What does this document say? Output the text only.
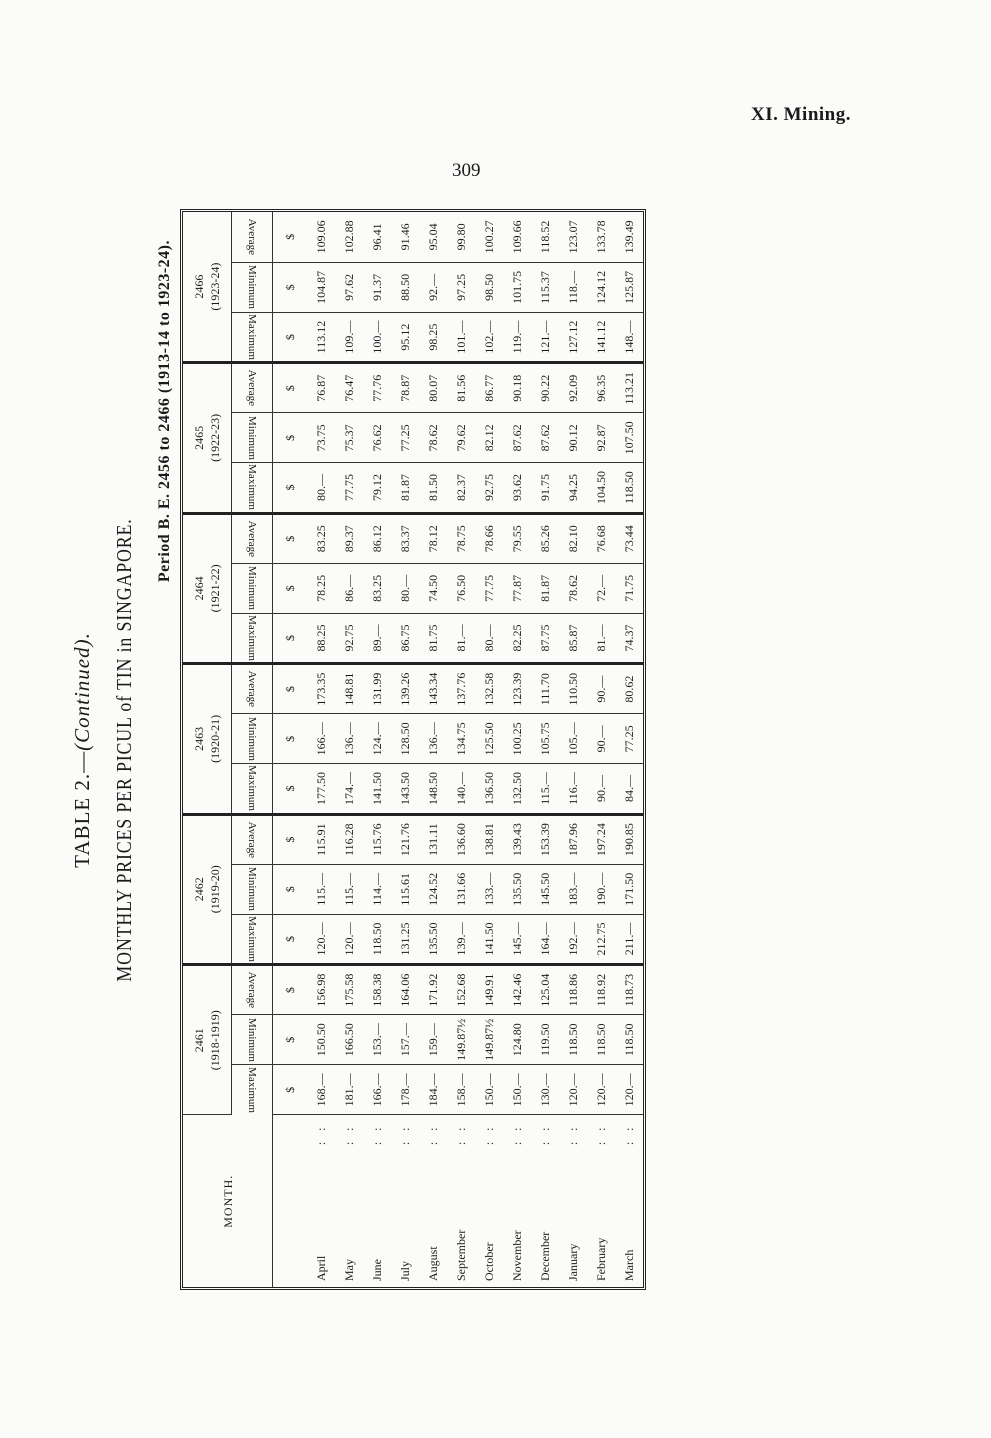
XI. Mining.
309
TABLE 2.—(Continued). MONTHLY PRICES PER PICUL of TIN in SINGAPORE.
Period B. E. 2456 to 2466 (1913-14 to 1923-24).
MONTH.	2461 (1918-1919)			2462 (1919-20)			2463 (1920-21)			2464 (1921-22)			2465 (1922-23)			2466 (1923-24)		
	Maximum	Minimum	Average	Maximum	Minimum	Average	Maximum	Minimum	Average	Maximum	Minimum	Average	Maximum	Minimum	Average	Maximum	Minimum	Average
	$	$	$	$	$	$	$	$	$	$	$	$	$	$	$	$	$	$
April
: :	168.—	150.50	156.98	120.—	115.—	115.91	177.50	166.—	173.35	88.25	78.25	83.25	80.—	73.75	76.87	113.12	104.87	109.06
May
: :	181.—	166.50	175.58	120.—	115.—	116.28	174.—	136.—	148.81	92.75	86.—	89.37	77.75	75.37	76.47	109.—	97.62	102.88
June
: :	166.—	153.—	158.38	118.50	114.—	115.76	141.50	124.—	131.99	89.—	83.25	86.12	79.12	76.62	77.76	100.—	91.37	96.41
July
: :	178.—	157.—	164.06	131.25	115.61	121.76	143.50	128.50	139.26	86.75	80.—	83.37	81.87	77.25	78.87	95.12	88.50	91.46
August
: :	184.—	159.—	171.92	135.50	124.52	131.11	148.50	136.—	143.34	81.75	74.50	78.12	81.50	78.62	80.07	98.25	92.—	95.04
September
: :	158.—	149.87½	152.68	139.—	131.66	136.60	140.—	134.75	137.76	81.—	76.50	78.75	82.37	79.62	81.56	101.—	97.25	99.80
October
: :	150.—	149.87½	149.91	141.50	133.—	138.81	136.50	125.50	132.58	80.—	77.75	78.66	92.75	82.12	86.77	102.—	98.50	100.27
November
: :	150.—	124.80	142.46	145.—	135.50	139.43	132.50	100.25	123.39	82.25	77.87	79.55	93.62	87.62	90.18	119.—	101.75	109.66
December
: :	130.—	119.50	125.04	164.—	145.50	153.39	115.—	105.75	111.70	87.75	81.87	85.26	91.75	87.62	90.22	121.—	115.37	118.52
January
: :	120.—	118.50	118.86	192.—	183.—	187.96	116.—	105.—	110.50	85.87	78.62	82.10	94.25	90.12	92.09	127.12	118.—	123.07
February
: :	120.—	118.50	118.92	212.75	190.—	197.24	90.—	90.—	90.—	81.—	72.—	76.68	104.50	92.87	96.35	141.12	124.12	133.78
March
: :	120.—	118.50	118.73	211.—	171.50	190.85	84.—	77.25	80.62	74.37	71.75	73.44	118.50	107.50	113.21	148.—	125.87	139.49
